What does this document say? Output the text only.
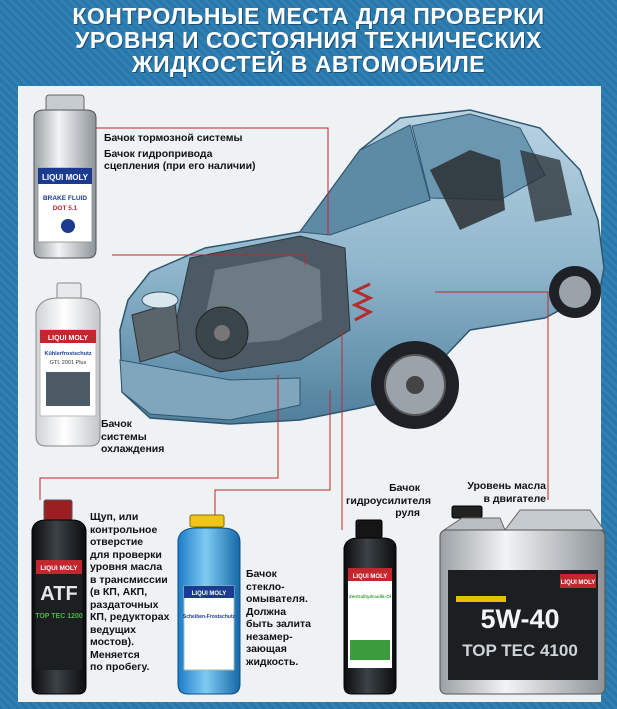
КОНТРОЛЬНЫЕ МЕСТА ДЛЯ ПРОВЕРКИ
УРОВНЯ И СОСТОЯНИЯ ТЕХНИЧЕСКИХ
ЖИДКОСТЕЙ В АВТОМОБИЛЕ
LIQUI MOLY
BRAKE FLUID
DOT 5.1
LIQUI MOLY
Kühlerfrostschutz
GTL 2001 Plus
LIQUI MOLY
ATF
TOP TEC 1200
LIQUI MOLY
Scheiben-Frostschutz
LIQUI MOLY
Zentralhydraulik-Öl
LIQUI MOLY
5W-40
TOP TEC 4100
Бачок тормозной системы
Бачок гидропривода
сцепления (при его наличии)
Бачок
системы
охлаждения
Щуп, или
контрольное
отверстие
для проверки
уровня масла
в трансмиссии
(в КП, АКП,
раздаточных
КП, редукторах
ведущих
мостов).
Меняется
по пробегу.
Бачок
стекло-
омывателя.
Должна
быть залита
незамер-
зающая
жидкость.
Бачок
гидроусилителя
руля
Уровень масла
в двигателе
